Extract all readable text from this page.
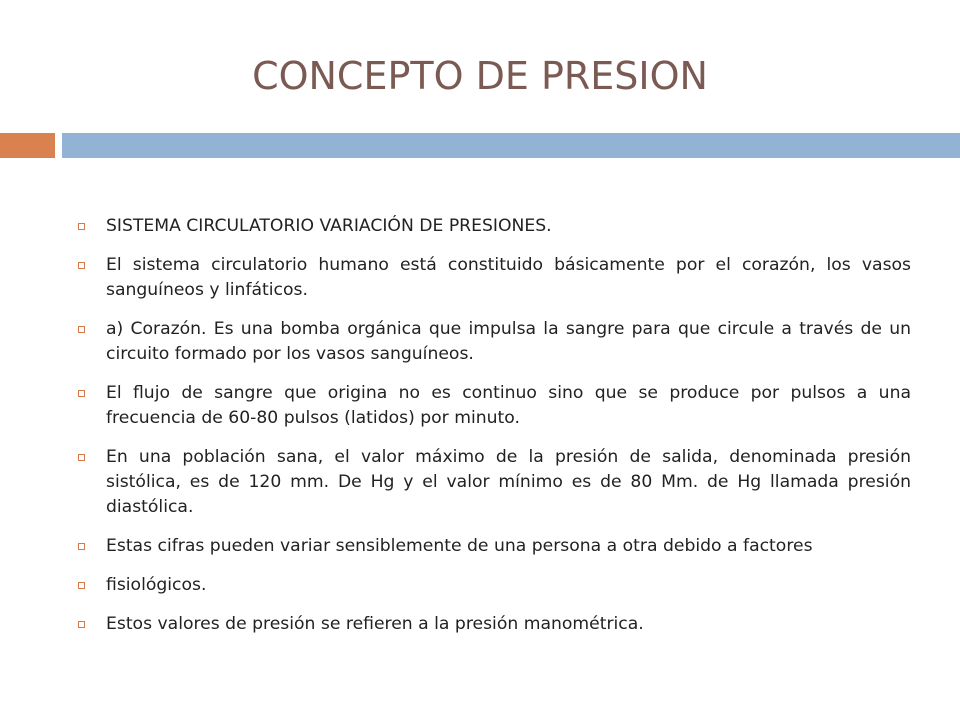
CONCEPTO DE PRESION
SISTEMA CIRCULATORIO VARIACIÓN DE PRESIONES.
El sistema circulatorio humano está constituido básicamente por el corazón, los vasos sanguíneos y linfáticos.
a) Corazón. Es una bomba orgánica que impulsa la sangre para que circule a través de un circuito formado por los vasos sanguíneos.
El flujo de sangre que origina no es continuo sino que se produce por pulsos a una frecuencia de 60-80 pulsos (latidos) por minuto.
En una población sana, el valor máximo de la presión de salida, denominada presión sistólica, es de 120 mm. De Hg y el valor mínimo es de 80 Mm. de Hg llamada presión diastólica.
Estas cifras pueden variar sensiblemente de una persona a otra debido a factores
fisiológicos.
Estos valores de presión se refieren a la presión manométrica.
